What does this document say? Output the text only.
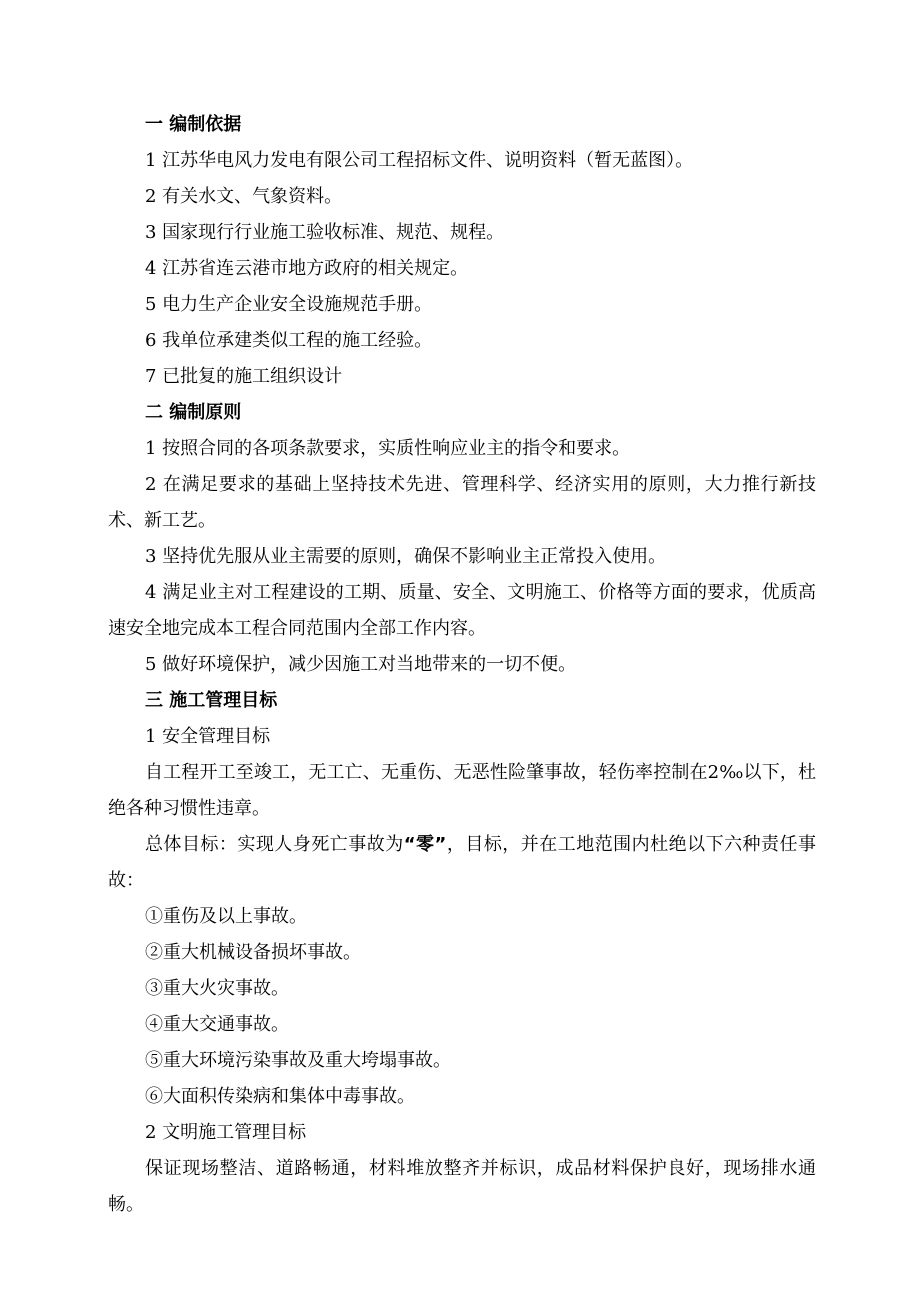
一 编制依据
1 江苏华电风力发电有限公司工程招标文件、说明资料（暂无蓝图）。
2 有关水文、气象资料。
3 国家现行行业施工验收标准、规范、规程。
4 江苏省连云港市地方政府的相关规定。
5 电力生产企业安全设施规范手册。
6 我单位承建类似工程的施工经验。
7 已批复的施工组织设计
二 编制原则
1 按照合同的各项条款要求，实质性响应业主的指令和要求。
2 在满足要求的基础上坚持技术先进、管理科学、经济实用的原则，大力推行新技术、新工艺。
3 坚持优先服从业主需要的原则，确保不影响业主正常投入使用。
4 满足业主对工程建设的工期、质量、安全、文明施工、价格等方面的要求，优质高速安全地完成本工程合同范围内全部工作内容。
5 做好环境保护，减少因施工对当地带来的一切不便。
三 施工管理目标
1 安全管理目标
自工程开工至竣工，无工亡、无重伤、无恶性险肇事故，轻伤率控制在2‰以下，杜绝各种习惯性违章。
总体目标：实现人身死亡事故为“零”，目标，并在工地范围内杜绝以下六种责任事故：
①重伤及以上事故。
②重大机械设备损坏事故。
③重大火灾事故。
④重大交通事故。
⑤重大环境污染事故及重大垮塌事故。
⑥大面积传染病和集体中毒事故。
2 文明施工管理目标
保证现场整洁、道路畅通，材料堆放整齐并标识，成品材料保护良好，现场排水通畅。
